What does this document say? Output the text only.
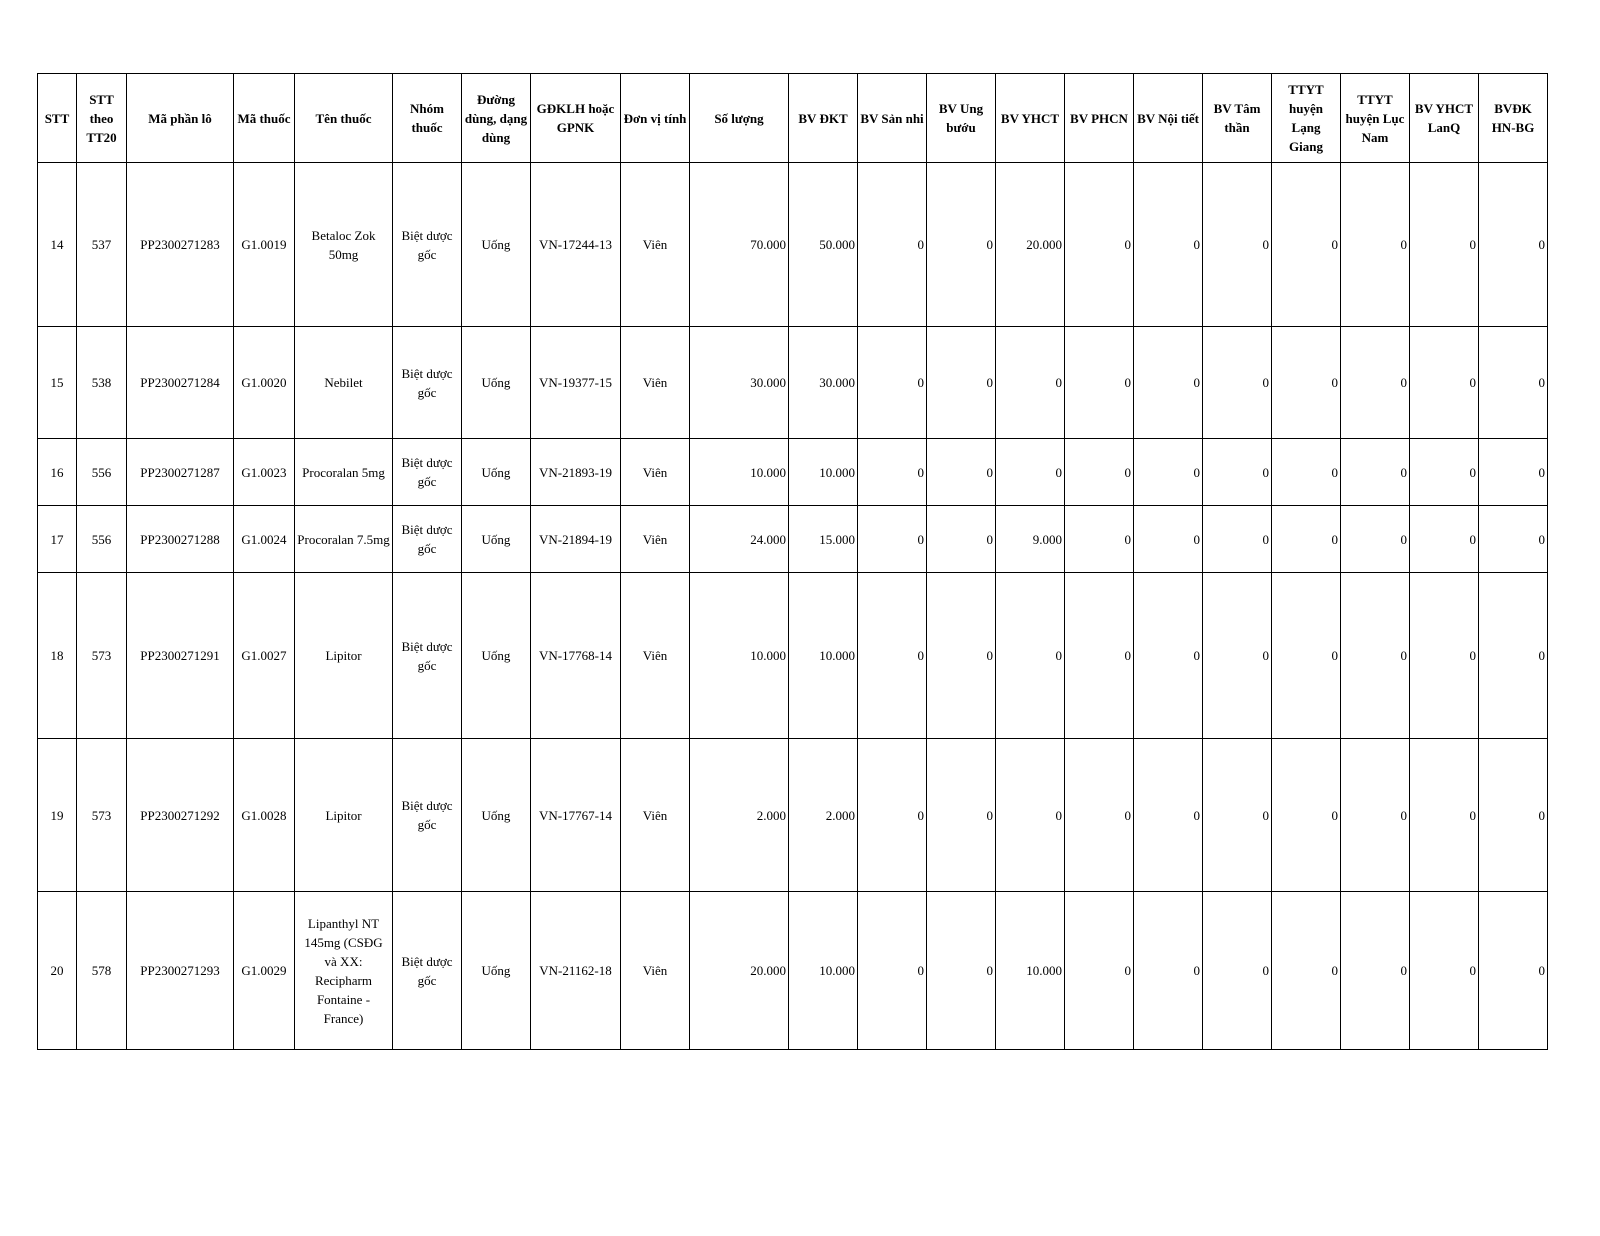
STT	STT theo TT20	Mã phần lô	Mã thuốc	Tên thuốc	Nhóm thuốc	Đường dùng, dạng dùng	GĐKLH hoặc GPNK	Đơn vị tính	Số lượng	BV ĐKT	BV Sản nhi	BV Ung bướu	BV YHCT	BV PHCN	BV Nội tiết	BV Tâm thần	TTYT huyện Lạng Giang	TTYT huyện Lục Nam	BV YHCT LanQ	BVĐK HN-BG
14	537	PP2300271283	G1.0019	Betaloc Zok 50mg	Biệt dược gốc	Uống	VN-17244-13	Viên	70.000	50.000	0	0	20.000	0	0	0	0	0	0	0
15	538	PP2300271284	G1.0020	Nebilet	Biệt dược gốc	Uống	VN-19377-15	Viên	30.000	30.000	0	0	0	0	0	0	0	0	0	0
16	556	PP2300271287	G1.0023	Procoralan 5mg	Biệt dược gốc	Uống	VN-21893-19	Viên	10.000	10.000	0	0	0	0	0	0	0	0	0	0
17	556	PP2300271288	G1.0024	Procoralan 7.5mg	Biệt dược gốc	Uống	VN-21894-19	Viên	24.000	15.000	0	0	9.000	0	0	0	0	0	0	0
18	573	PP2300271291	G1.0027	Lipitor	Biệt dược gốc	Uống	VN-17768-14	Viên	10.000	10.000	0	0	0	0	0	0	0	0	0	0
19	573	PP2300271292	G1.0028	Lipitor	Biệt dược gốc	Uống	VN-17767-14	Viên	2.000	2.000	0	0	0	0	0	0	0	0	0	0
20	578	PP2300271293	G1.0029	Lipanthyl NT 145mg (CSĐG và XX: Recipharm Fontaine - France)	Biệt dược gốc	Uống	VN-21162-18	Viên	20.000	10.000	0	0	10.000	0	0	0	0	0	0	0
